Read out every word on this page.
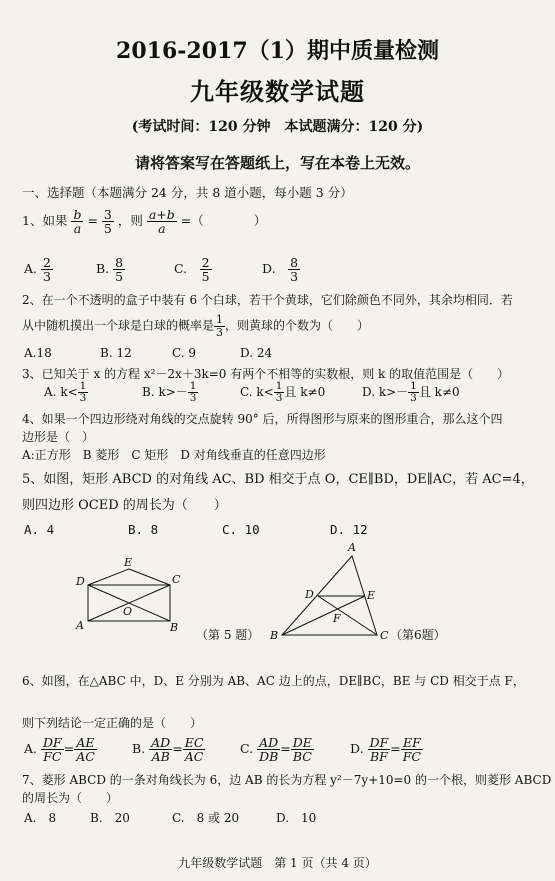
2016-2017（1）期中质量检测
九年级数学试题
(考试时间：120 分钟　本试题满分：120 分)
请将答案写在答题纸上，写在本卷上无效。
一、选择题（本题满分 24 分，共 8 道小题，每小题 3 分）
1、如果 $\frac{b}{a} = \frac{3}{5}$ ，则 $\frac{a+b}{a}$ =（　　　　）
A. $\frac{2}{3}$	B. $\frac{8}{5}$	C.　 $\frac{2}{5}$	D.　 $\frac{8}{3}$
2、在一个不透明的盒子中装有 6 个白球，若干个黄球，它们除颜色不同外，其余均相同．若
从中随机摸出一个球是白球的概率是 $\frac{1}{3}$ ，则黄球的个数为（　　）
A.18	B. 12	C. 9	D. 24
3、已知关于 x 的方程 x²－2x＋3k=0 有两个不相等的实数根，则 k 的取值范围是（　　）
A. $k< \frac{1}{3}$	B. $k>- \frac{1}{3}$	C. $k< \frac{1}{3}$ 且 k≠0	D. $k>- \frac{1}{3}$ 且 k≠0
4、如果一个四边形绕对角线的交点旋转 90° 后，所得图形与原来的图形重合，那么这个四
边形是（　）
A:正方形　B 菱形　C 矩形　D 对角线垂直的任意四边形
5、如图，矩形 ABCD 的对角线 AC、BD 相交于点 O，CE∥BD，DE∥AC，若 AC=4，
则四边形 OCED 的周长为（　　）
A. 4	B. 8	C. 10	D. 12
D	C
E
A	B
O
（第 5 题）
A
D	E
F
B	C （第6题）
6、如图，在△ABC 中，D、E 分别为 AB、AC 边上的点，DE∥BC，BE 与 CD 相交于点 F，
则下列结论一定正确的是（　　）
A. $\frac{DF}{FC} = \frac{AE}{AC}$	B. $\frac{AD}{AB} = \frac{EC}{AC}$	C. $\frac{AD}{DB} = \frac{DE}{BC}$	D. $\frac{DF}{BF} = \frac{EF}{FC}$
7、菱形 ABCD 的一条对角线长为 6，边 AB 的长为方程 y²－7y+10=0 的一个根，则菱形 ABCD
的周长为（　　）
A.　8	B.　20	C.　8 或 20	D.　10
九年级数学试题　第 1 页（共 4 页）
